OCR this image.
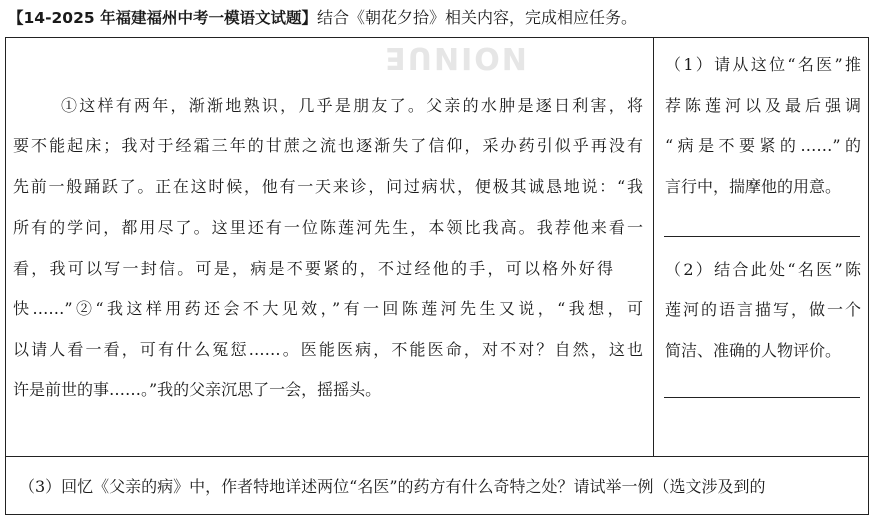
【14-2025 年福建福州中考一模语文试题】结合《朝花夕拾》相关内容，完成相应任务。
NOINUE
①这样有两年，渐渐地熟识，几乎是朋友了。父亲的水肿是逐日利害，将
要不能起床；我对于经霜三年的甘蔗之流也逐渐失了信仰，采办药引似乎再没有
先前一般踊跃了。正在这时候，他有一天来诊，问过病状，便极其诚恳地说：“我
所有的学问，都用尽了。这里还有一位陈莲河先生，本领比我高。我荐他来看一
看，我可以写一封信。可是，病是不要紧的，不过经他的手，可以格外好得
快……”②“我这样用药还会不大见效，”有一回陈莲河先生又说，“我想，可
以请人看一看，可有什么冤愆……。医能医病，不能医命，对不对？自然，这也
许是前世的事……。”我的父亲沉思了一会，摇摇头。
（1）请从这位“名医”推
荐陈莲河以及最后强调
“病是不要紧的……”的
言行中，揣摩他的用意。
（2）结合此处“名医”陈
莲河的语言描写，做一个
简洁、准确的人物评价。
（3）回忆《父亲的病》中，作者特地详述两位“名医”的药方有什么奇特之处？请试举一例（选文涉及到的
